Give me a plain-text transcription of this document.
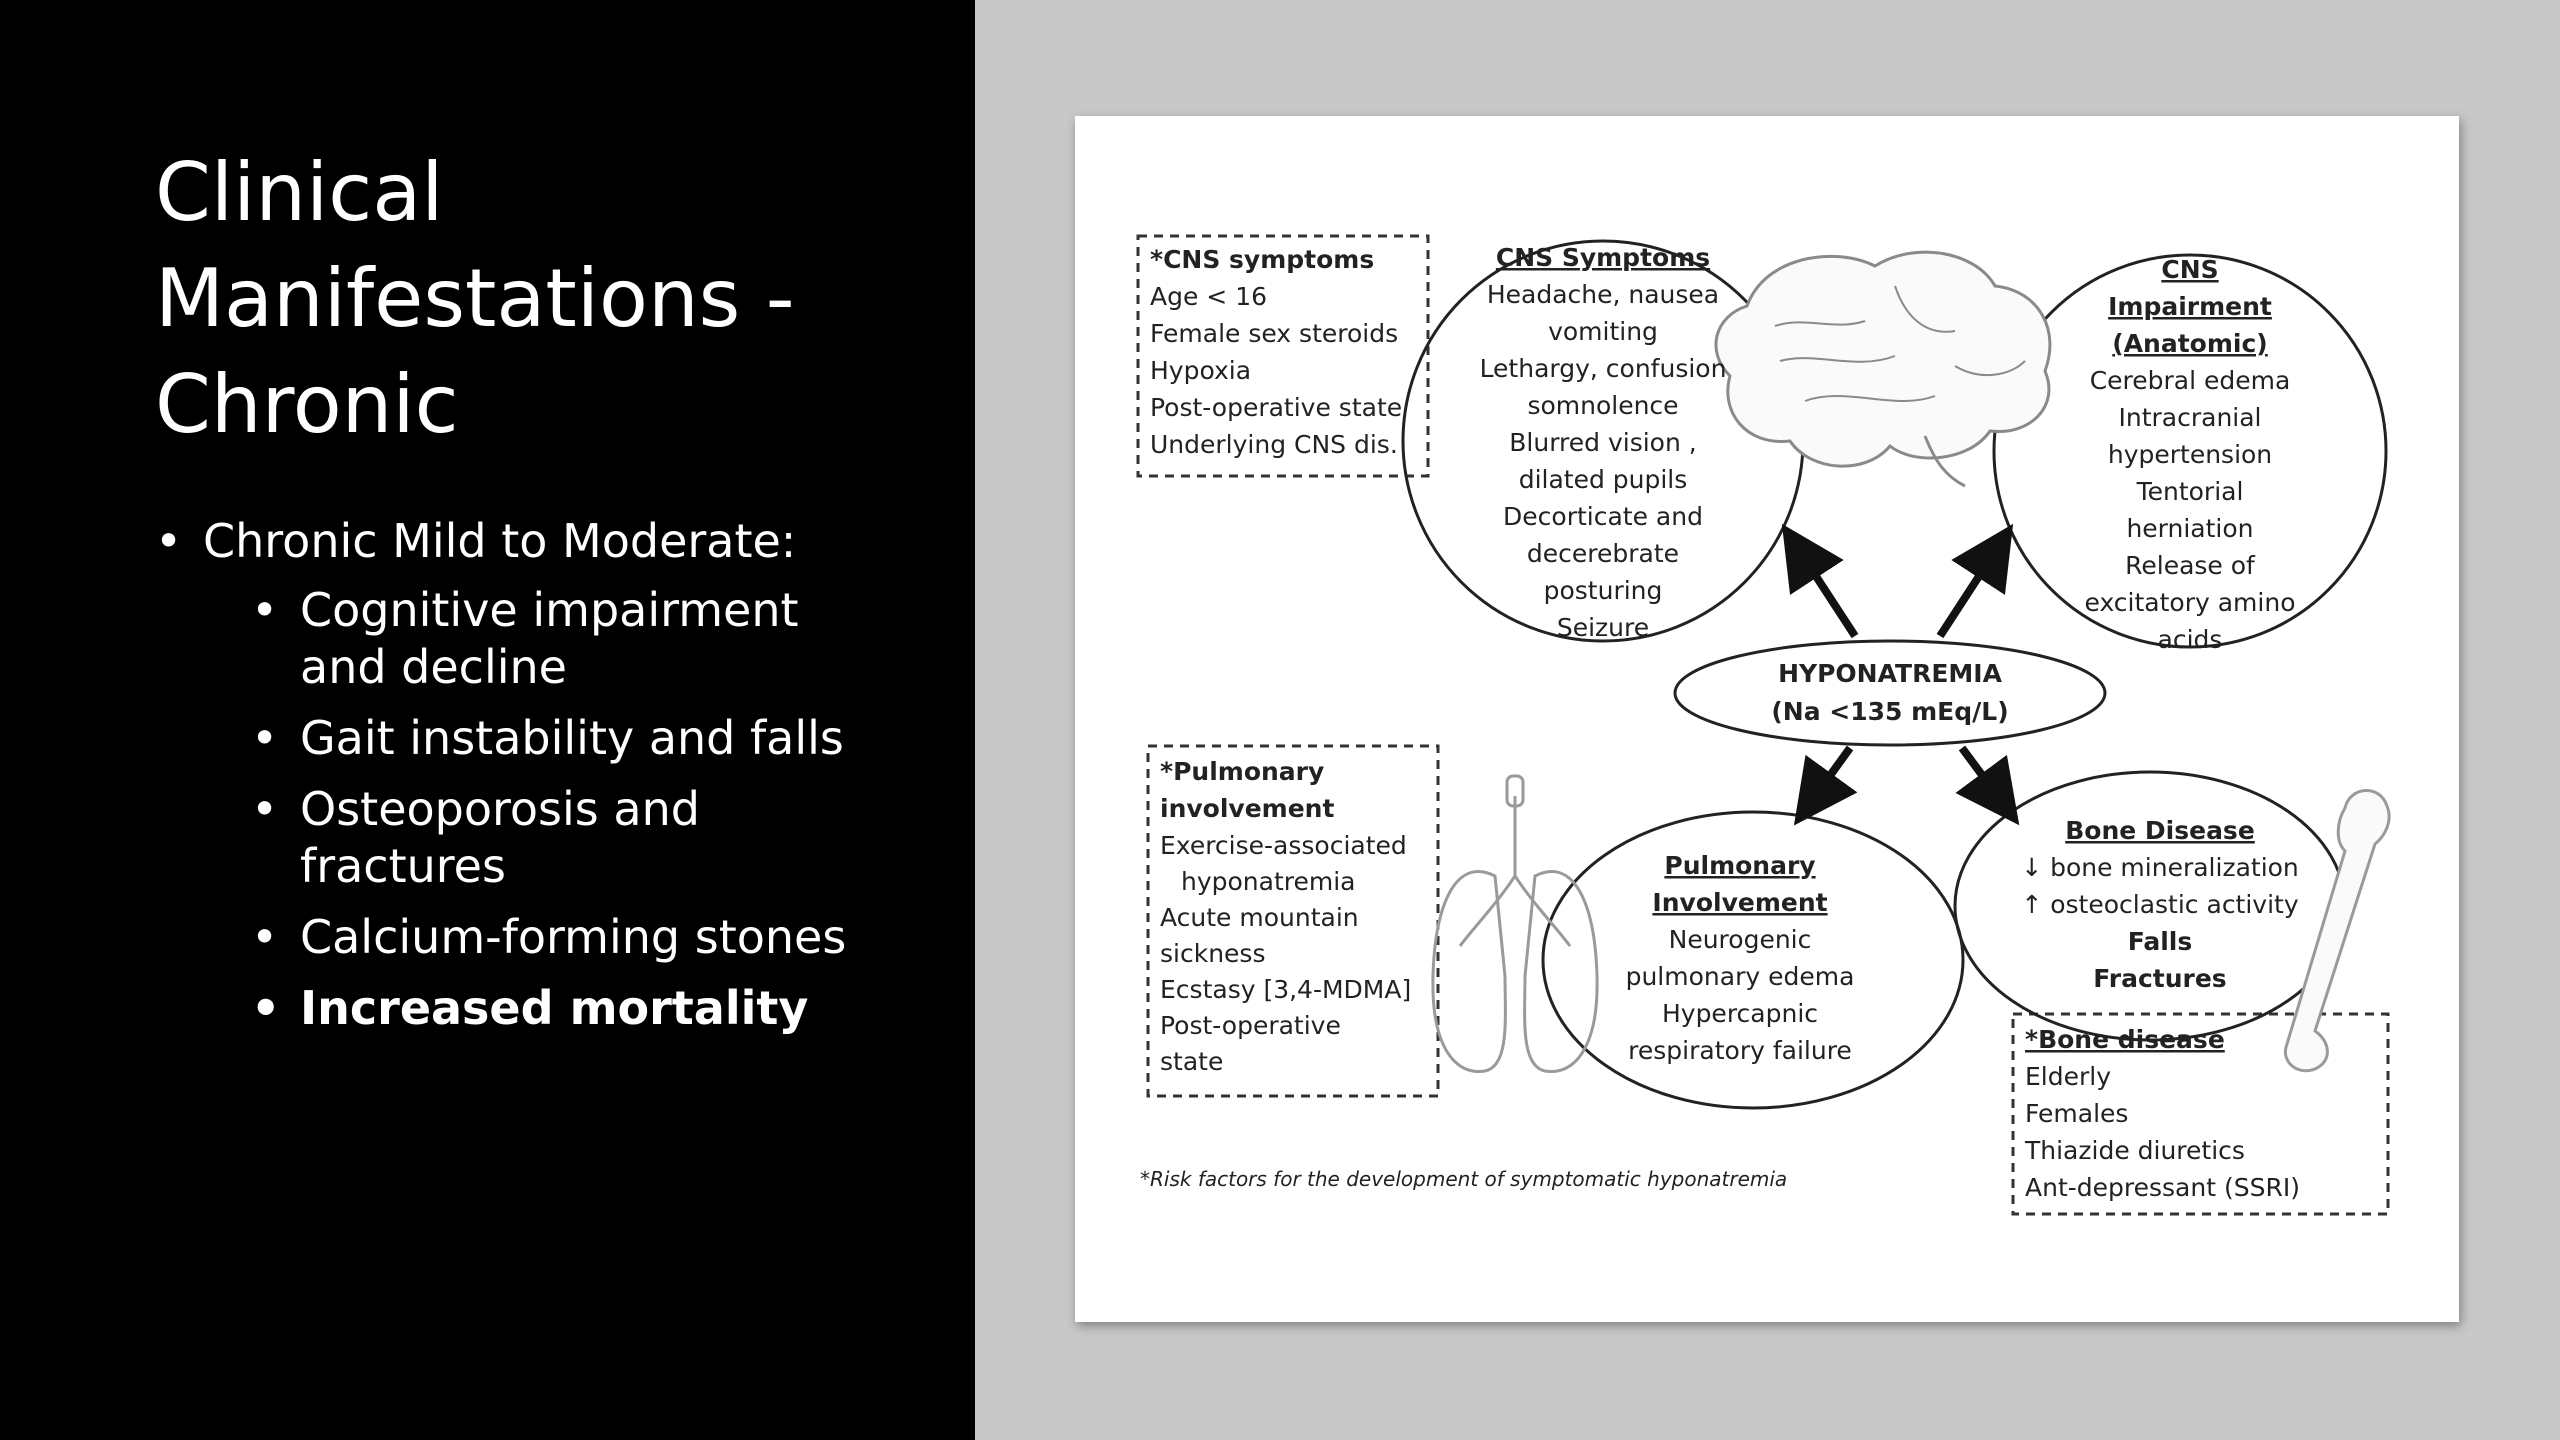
Clinical
Manifestations -
Chronic
• Chronic Mild to Moderate:
• Cognitive impairment
and decline
• Gait instability and falls
• Osteoporosis and
fractures
• Calcium-forming stones
• Increased mortality
HYPONATREMIA
(Na <135 mEq/L)
*CNS symptoms
Age < 16
Female sex steroids
Hypoxia
Post-operative state
Underlying CNS dis.
CNS Symptoms
Headache, nausea
vomiting
Lethargy, confusion
somnolence
Blurred vision ,
dilated pupils
Decorticate and
decerebrate
posturing
Seizure
CNS
Impairment
(Anatomic)
Cerebral edema
Intracranial
hypertension
Tentorial
herniation
Release of
excitatory amino
acids
*Pulmonary
involvement
Exercise-associated
hyponatremia
Acute mountain
sickness
Ecstasy [3,4-MDMA]
Post-operative
state
Pulmonary
Involvement
Neurogenic
pulmonary edema
Hypercapnic
respiratory failure
Bone Disease
↓ bone mineralization
↑ osteoclastic activity
Falls
Fractures
*Bone disease
Elderly
Females
Thiazide diuretics
Ant-depressant (SSRI)
*Risk factors for the development of symptomatic hyponatremia
